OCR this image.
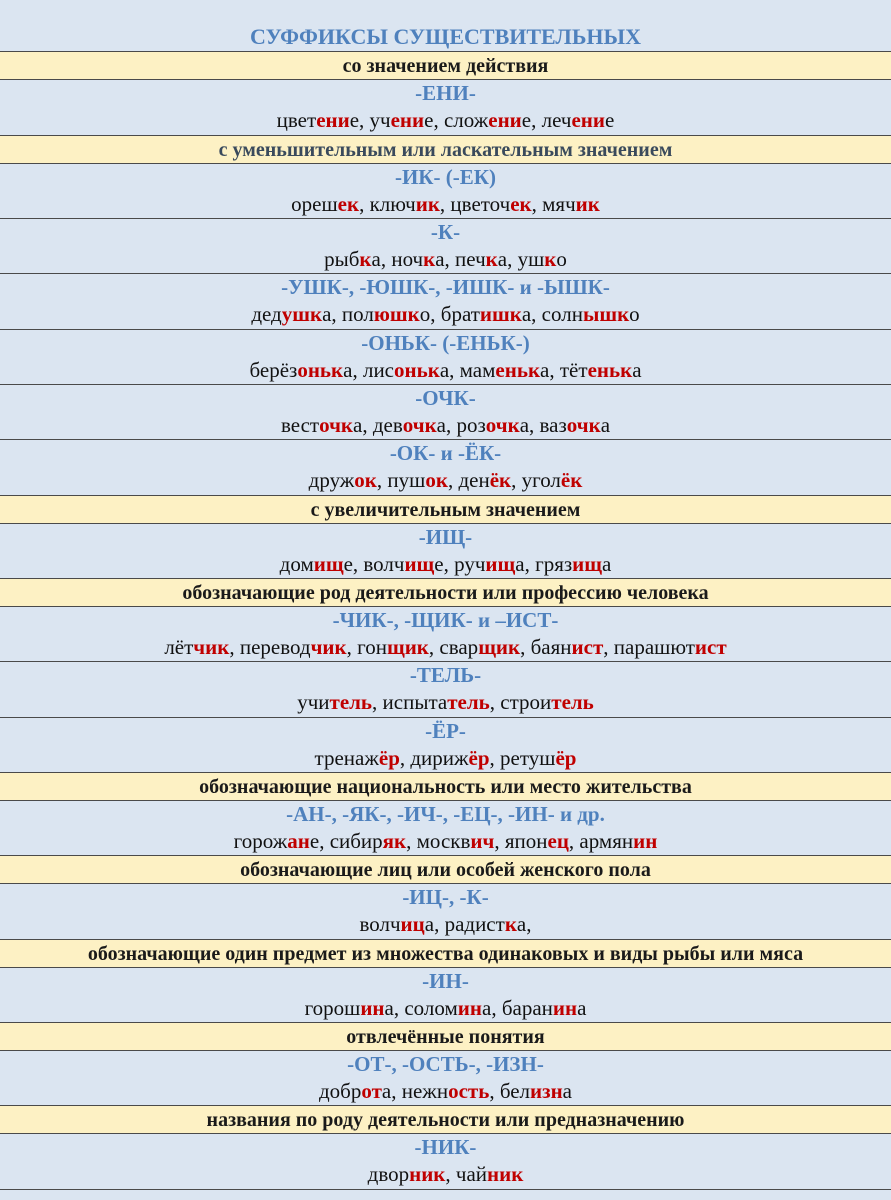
СУФФИКСЫ СУЩЕСТВИТЕЛЬНЫХ
со значением действия
-ЕНИ-
цветение, учение, сложение, лечение
с уменьшительным или ласкательным значением
-ИК- (-ЕК)
орешек, ключик, цветочек, мячик
-К-
рыбка, ночка, печка, ушко
-УШК-, -ЮШК-, -ИШК- и -ЫШК-
дедушка, полюшко, братишка, солнышко
-ОНЬК- (-ЕНЬК-)
берёзонька, лисонька, маменька, тётенька
-ОЧК-
весточка, девочка, розочка, вазочка
-ОК- и -ЁК-
дружок, пушок, денёк, уголёк
с увеличительным значением
-ИЩ-
домище, волчище, ручища, грязища
обозначающие род деятельности или профессию человека
-ЧИК-, -ЩИК- и –ИСТ-
лётчик, переводчик, гонщик, сварщик, баянист, парашютист
-ТЕЛЬ-
учитель, испытатель, строитель
-ЁР-
тренажёр, дирижёр, ретушёр
обозначающие национальность или место жительства
-АН-, -ЯК-, -ИЧ-, -ЕЦ-, -ИН- и др.
горожане, сибиряк, москвич, японец, армянин
обозначающие лиц или особей женского пола
-ИЦ-, -К-
волчица, радистка,
обозначающие один предмет из множества одинаковых и виды рыбы или мяса
-ИН-
горошина, соломина, баранина
отвлечённые понятия
-ОТ-, -ОСТЬ-, -ИЗН-
доброта, нежность, белизна
названия по роду деятельности или предназначению
-НИК-
дворник, чайник
